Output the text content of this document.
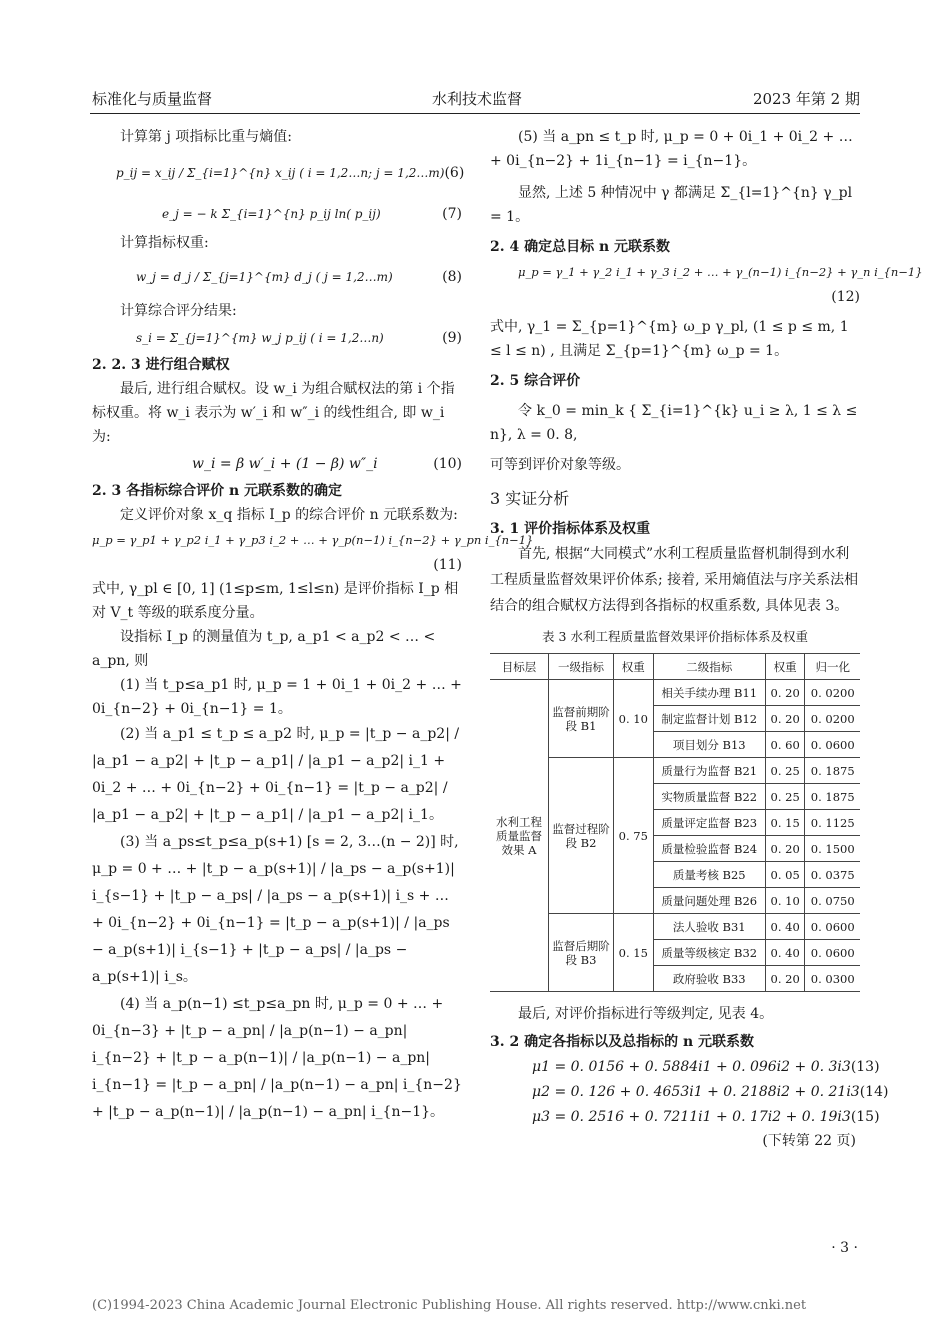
标准化与质量监督	水利技术监督	2023 年第 2 期

计算第 j 项指标比重与熵值:

p_ij = x_ij / Σ_{i=1}^{n} x_ij ( i = 1,2…n; j = 1,2…m) (6)
e_j = − k Σ_{i=1}^{n} p_ij ln( p_ij)	(7)

计算指标权重:

w_j = d_j / Σ_{j=1}^{m} d_j ( j = 1,2…m)	(8)

计算综合评分结果:

s_i = Σ_{j=1}^{m} w_j p_ij ( i = 1,2…n)	(9)

2. 2. 3 进行组合赋权

最后, 进行组合赋权。设 w_i 为组合赋权法的第 i 个指标权重。将 w_i 表示为 w′_i 和 w″_i 的线性组合, 即 w_i 为:

w_i = β w′_i + (1 − β) w″_i	(10)

2. 3 各指标综合评价 n 元联系数的确定

定义评价对象 x_q 指标 I_p 的综合评价 n 元联系数为:

μ_p = γ_p1 + γ_p2 i_1 + γ_p3 i_2 + … + γ_p(n−1) i_{n−2} + γ_pn i_{n−1}
(11)

式中, γ_pl ∈ [0, 1] (1≤p≤m, 1≤l≤n) 是评价指标 I_p 相对 V_t 等级的联系度分量。

设指标 I_p 的测量值为 t_p, a_p1 < a_p2 < … < a_pn, 则

(1) 当 t_p≤a_p1 时, μ_p = 1 + 0i_1 + 0i_2 + … + 0i_{n−2} + 0i_{n−1} = 1。

(2) 当 a_p1 ≤ t_p ≤ a_p2 时, μ_p = |t_p − a_p2| / |a_p1 − a_p2| + |t_p − a_p1| / |a_p1 − a_p2| i_1 + 0i_2 + … + 0i_{n−2} + 0i_{n−1} = |t_p − a_p2| / |a_p1 − a_p2| + |t_p − a_p1| / |a_p1 − a_p2| i_1。

(3) 当 a_ps≤t_p≤a_p(s+1) [s = 2, 3…(n − 2)] 时, μ_p = 0 + … + |t_p − a_p(s+1)| / |a_ps − a_p(s+1)| i_{s−1} + |t_p − a_ps| / |a_ps − a_p(s+1)| i_s + … + 0i_{n−2} + 0i_{n−1} = |t_p − a_p(s+1)| / |a_ps − a_p(s+1)| i_{s−1} + |t_p − a_ps| / |a_ps − a_p(s+1)| i_s。

(4) 当 a_p(n−1) ≤t_p≤a_pn 时, μ_p = 0 + … + 0i_{n−3} + |t_p − a_pn| / |a_p(n−1) − a_pn| i_{n−2} + |t_p − a_p(n−1)| / |a_p(n−1) − a_pn| i_{n−1} = |t_p − a_pn| / |a_p(n−1) − a_pn| i_{n−2} + |t_p − a_p(n−1)| / |a_p(n−1) − a_pn| i_{n−1}。

(5) 当 a_pn ≤ t_p 时, μ_p = 0 + 0i_1 + 0i_2 + … + 0i_{n−2} + 1i_{n−1} = i_{n−1}。

显然, 上述 5 种情况中 γ 都满足 Σ_{l=1}^{n} γ_pl = 1。

2. 4 确定总目标 n 元联系数

μ_p = γ_1 + γ_2 i_1 + γ_3 i_2 + … + γ_(n−1) i_{n−2} + γ_n i_{n−1}
(12)

式中, γ_1 = Σ_{p=1}^{m} ω_p γ_pl, (1 ≤ p ≤ m, 1 ≤ l ≤ n) , 且满足 Σ_{p=1}^{m} ω_p = 1。

2. 5 综合评价

令 k_0 = min_k { Σ_{i=1}^{k} u_i ≥ λ, 1 ≤ λ ≤ n}, λ = 0. 8,

可等到评价对象等级。

3 实证分析

3. 1 评价指标体系及权重

首先, 根据“大同模式”水利工程质量监督机制得到水利工程质量监督效果评价体系; 接着, 采用熵值法与序关系法相结合的组合赋权方法得到各指标的权重系数, 具体见表 3。

表 3 水利工程质量监督效果评价指标体系及权重
目标层	一级指标	权重	二级指标	权重	归一化
水利工程质量监督效果 A	监督前期阶段 B1	0. 10	相关手续办理 B11	0. 20	0. 0200
			制定监督计划 B12	0. 20	0. 0200
			项目划分 B13	0. 60	0. 0600
	监督过程阶段 B2	0. 75	质量行为监督 B21	0. 25	0. 1875
			实物质量监督 B22	0. 25	0. 1875
			质量评定监督 B23	0. 15	0. 1125
			质量检验监督 B24	0. 20	0. 1500
			质量考核 B25	0. 05	0. 0375
			质量问题处理 B26	0. 10	0. 0750
	监督后期阶段 B3	0. 15	法人验收 B31	0. 40	0. 0600
			质量等级核定 B32	0. 40	0. 0600
			政府验收 B33	0. 20	0. 0300

最后, 对评价指标进行等级判定, 见表 4。

3. 2 确定各指标以及总指标的 n 元联系数

μ1 = 0. 0156 + 0. 5884i1 + 0. 096i2 + 0. 3i3 (13)
μ2 = 0. 126 + 0. 4653i1 + 0. 2188i2 + 0. 21i3 (14)
μ3 = 0. 2516 + 0. 7211i1 + 0. 17i2 + 0. 19i3 (15)
(下转第 22 页)
· 3 ·
(C)1994-2023 China Academic Journal Electronic Publishing House. All rights reserved. http://www.cnki.net
